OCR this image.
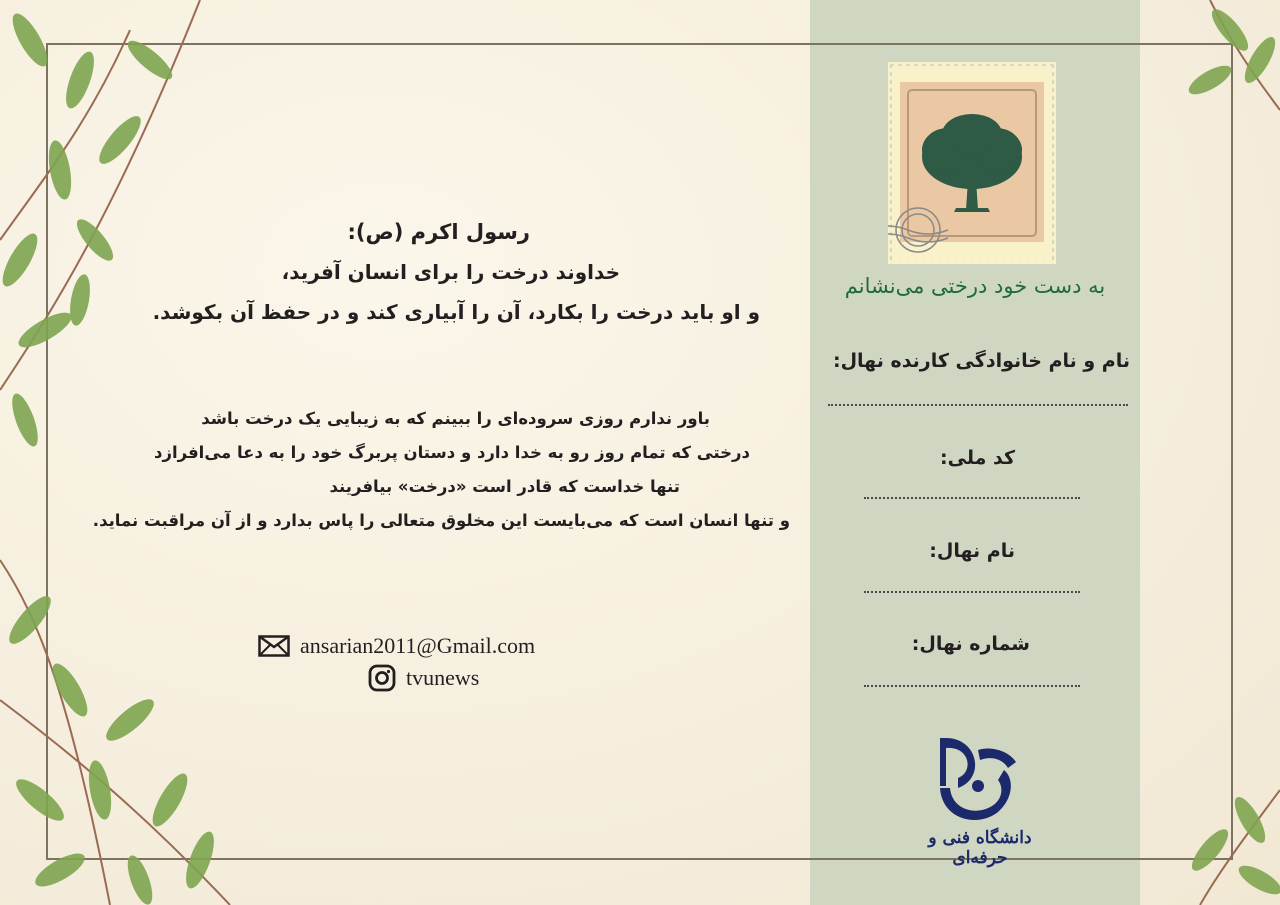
رسول اکرم (ص):
خداوند درخت را برای انسان آفرید،
و او باید درخت را بکارد، آن را آبیاری کند و در حفظ آن بکوشد.
باور ندارم روزی سروده‌ای را ببینم که به زیبایی یک درخت باشد
درختی که تمام روز رو به خدا دارد و دستان پربرگ خود را به دعا می‌افرازد
تنها خداست که قادر است «درخت» بیافریند
و تنها انسان است که می‌بایست این مخلوق متعالی را پاس بدارد و از آن مراقبت نماید.
ansarian2011@Gmail.com
tvunews
به دست خود درختی می‌نشانم
نام و نام خانوادگی کارنده نهال:
کد ملی:
نام نهال:
شماره نهال:
دانشگاه فنی و حرفه‌ای
